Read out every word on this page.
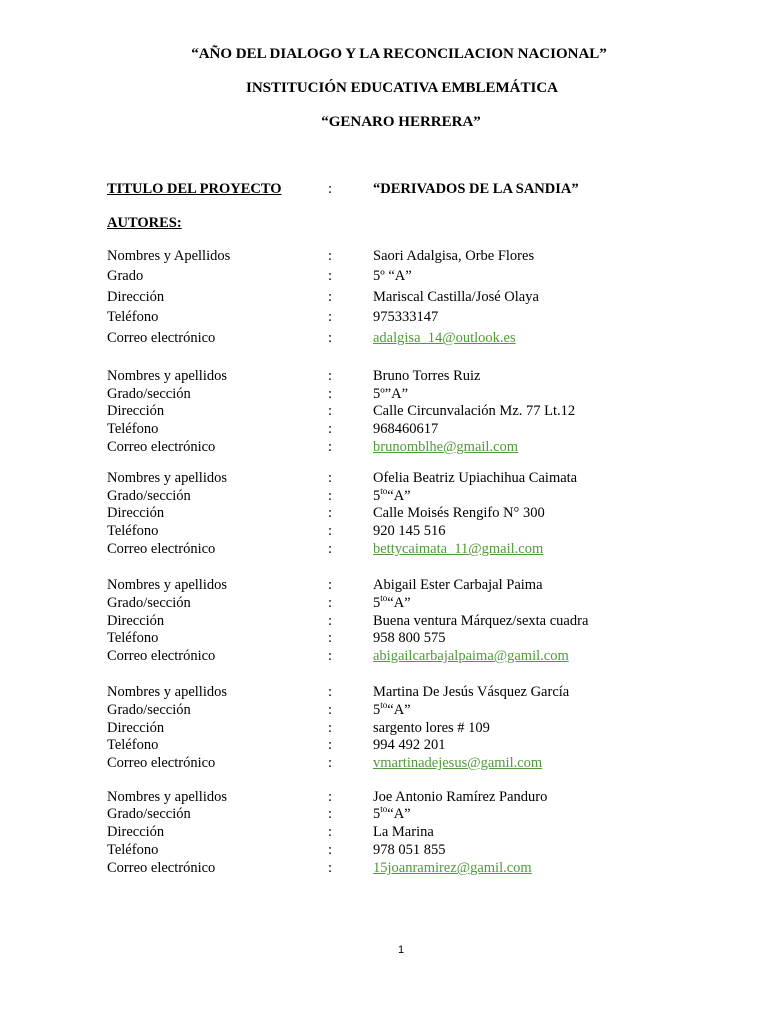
“AÑO DEL DIALOGO Y LA RECONCILACION NACIONAL”

INSTITUCIÓN EDUCATIVA EMBLEMÁTICA

“GENARO HERRERA”

TITULO DEL PROYECTO	:	“DERIVADOS DE LA SANDIA”
AUTORES:
Nombres y Apellidos	:	Saori Adalgisa, Orbe Flores
Grado	:	5º “A”
Dirección	:	Mariscal Castilla/José Olaya
Teléfono	:	975333147
Correo electrónico	:	adalgisa_14@outlook.es
Nombres y apellidos	:	Bruno Torres Ruiz
Grado/sección	:	5º”A”
Dirección	:	Calle Circunvalación Mz. 77 Lt.12
Teléfono	:	968460617
Correo electrónico	:	brunomblhe@gmail.com
Nombres y apellidos	:	Ofelia Beatriz Upiachihua Caimata
Grado/sección	:	$5^{to}“A$”
Dirección	:	Calle Moisés Rengifo N° 300
Teléfono	:	920 145 516
Correo electrónico	:	bettycaimata_11@gmail.com
Nombres y apellidos	:	Abigail Ester Carbajal Paima
Grado/sección	:	$5^{to}“A$”
Dirección	:	Buena ventura Márquez/sexta cuadra
Teléfono	:	958 800 575
Correo electrónico	:	abigailcarbajalpaima@gamil.com
Nombres y apellidos	:	Martina De Jesús Vásquez García
Grado/sección	:	$5^{to}“A$”
Dirección	:	sargento lores # 109
Teléfono	:	994 492 201
Correo electrónico	:	vmartinadejesus@gamil.com
Nombres y apellidos	:	Joe Antonio Ramírez Panduro
Grado/sección	:	$5^{to}“A$”
Dirección	:	La Marina
Teléfono	:	978 051 855
Correo electrónico	:	15joanramirez@gamil.com
1
